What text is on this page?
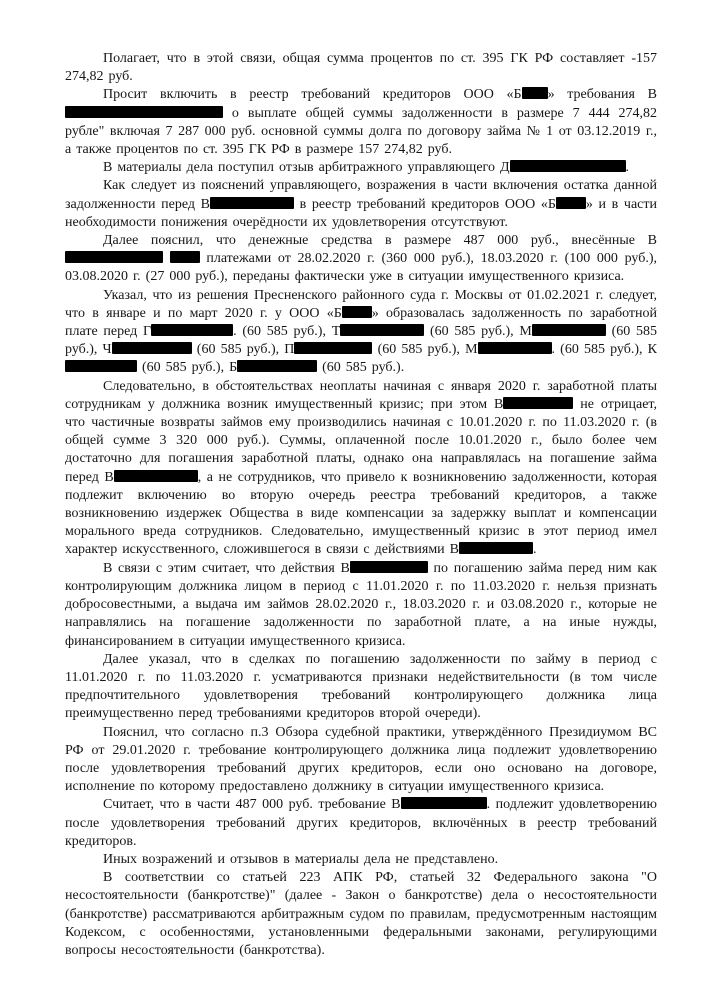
Полагает, что в этой связи, общая сумма процентов по ст. 395 ГК РФ составляет -157 274,82 руб.

Просит включить в реестр требований кредиторов ООО «Б » требования В о выплате общей суммы задолженности в размере 7 444 274,82 рубле" включая 7 287 000 руб. основной суммы долга по договору займа № 1 от 03.12.2019 г., а также процентов по ст. 395 ГК РФ в размере 157 274,82 руб.

В материалы дела поступил отзыв арбитражного управляющего Д	.

Как следует из пояснений управляющего, возражения в части включения остатка данной задолженности перед В	в реестр требований кредиторов ООО «Б » и в части необходимости понижения очерёдности их удовлетворения отсутствуют.

Далее пояснил, что денежные средства в размере 487 000 руб., внесённые В  платежами от 28.02.2020 г. (360 000 руб.), 18.03.2020 г. (100 000 руб.), 03.08.2020 г. (27 000 руб.), переданы фактически уже в ситуации имущественного кризиса.

Указал, что из решения Пресненского районного суда г. Москвы от 01.02.2021 г. следует, что в январе и по март 2020 г. у ООО «Б » образовалась задолженность по заработной плате перед Г	. (60 585 руб.), Т	(60 585 руб.), М	(60 585 руб.), Ч	(60 585 руб.), П	(60 585 руб.), М	. (60 585 руб.), К (60 585 руб.), Б	(60 585 руб.).

Следовательно, в обстоятельствах неоплаты начиная с января 2020 г. заработной платы сотрудникам у должника возник имущественный кризис; при этом В	не отрицает, что частичные возвраты займов ему производились начиная с 10.01.2020 г. по 11.03.2020 г. (в общей сумме 3 320 000 руб.). Суммы, оплаченной после 10.01.2020 г., было более чем достаточно для погашения заработной платы, однако она направлялась на погашение займа перед В	, а не сотрудников, что привело к возникновению задолженности, которая подлежит включению во вторую очередь реестра требований кредиторов, а также возникновению издержек Общества в виде компенсации за задержку выплат и компенсации морального вреда сотрудников. Следовательно, имущественный кризис в этот период имел характер искусственного, сложившегося в связи с действиями В	.

В связи с этим считает, что действия В	по погашению займа перед ним как контролирующим должника лицом в период с 11.01.2020 г. по 11.03.2020 г. нельзя признать добросовестными, а выдача им займов 28.02.2020 г., 18.03.2020 г. и 03.08.2020 г., которые не направлялись на погашение задолженности по заработной плате, а на иные нужды, финансированием в ситуации имущественного кризиса.

Далее указал, что в сделках по погашению задолженности по займу в период с 11.01.2020 г. по 11.03.2020 г. усматриваются признаки недействительности (в том числе предпочтительного удовлетворения требований контролирующего должника лица преимущественно перед требованиями кредиторов второй очереди).

Пояснил, что согласно п.3 Обзора судебной практики, утверждённого Президиумом ВС РФ от 29.01.2020 г. требование контролирующего должника лица подлежит удовлетворению после удовлетворения требований других кредиторов, если оно основано на договоре, исполнение по которому предоставлено должнику в ситуации имущественного кризиса.

Считает, что в части 487 000 руб. требование В	. подлежит удовлетворению после удовлетворения требований других кредиторов, включённых в реестр требований кредиторов.

Иных возражений и отзывов в материалы дела не представлено.

В соответствии со статьей 223 АПК РФ, статьей 32 Федерального закона "О несостоятельности (банкротстве)" (далее - Закон о банкротстве) дела о несостоятельности (банкротстве) рассматриваются арбитражным судом по правилам, предусмотренным настоящим Кодексом, с особенностями, установленными федеральными законами, регулирующими вопросы несостоятельности (банкротства).
